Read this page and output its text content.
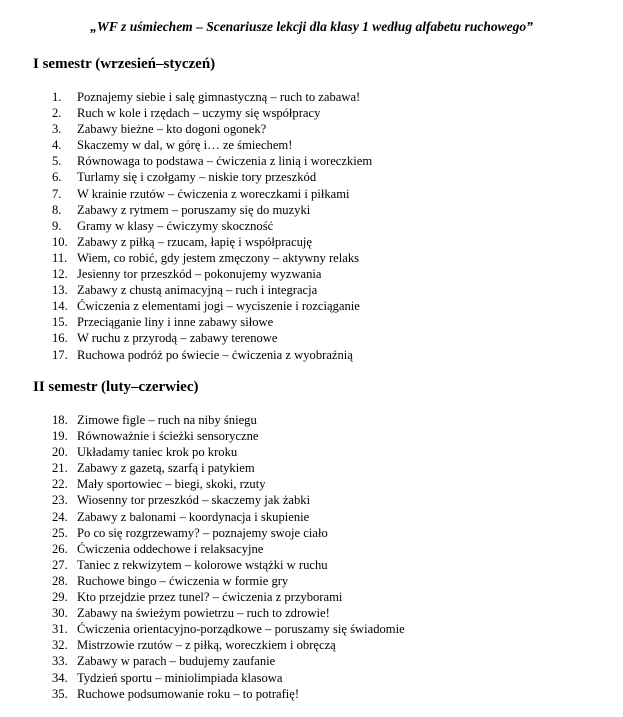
„WF z uśmiechem – Scenariusze lekcji dla klasy 1 według alfabetu ruchowego”

I semestr (wrzesień–styczeń)
1.	Poznajemy siebie i salę gimnastyczną – ruch to zabawa!
2.	Ruch w kole i rzędach – uczymy się współpracy
3.	Zabawy bieżne – kto dogoni ogonek?
4.	Skaczemy w dal, w górę i… ze śmiechem!
5.	Równowaga to podstawa – ćwiczenia z linią i woreczkiem
6.	Turlamy się i czołgamy – niskie tory przeszkód
7.	W krainie rzutów – ćwiczenia z woreczkami i piłkami
8.	Zabawy z rytmem – poruszamy się do muzyki
9.	Gramy w klasy – ćwiczymy skoczność
10. Zabawy z piłką – rzucam, łapię i współpracuję
11. Wiem, co robić, gdy jestem zmęczony – aktywny relaks
12. Jesienny tor przeszkód – pokonujemy wyzwania
13. Zabawy z chustą animacyjną – ruch i integracja
14. Ćwiczenia z elementami jogi – wyciszenie i rozciąganie
15. Przeciąganie liny i inne zabawy siłowe
16. W ruchu z przyrodą – zabawy terenowe
17. Ruchowa podróż po świecie – ćwiczenia z wyobraźnią
II semestr (luty–czerwiec)
18. Zimowe figle – ruch na niby śniegu
19. Równoważnie i ścieżki sensoryczne
20. Układamy taniec krok po kroku
21. Zabawy z gazetą, szarfą i patykiem
22. Mały sportowiec – biegi, skoki, rzuty
23. Wiosenny tor przeszkód – skaczemy jak żabki
24. Zabawy z balonami – koordynacja i skupienie
25. Po co się rozgrzewamy? – poznajemy swoje ciało
26. Ćwiczenia oddechowe i relaksacyjne
27. Taniec z rekwizytem – kolorowe wstążki w ruchu
28. Ruchowe bingo – ćwiczenia w formie gry
29. Kto przejdzie przez tunel? – ćwiczenia z przyborami
30. Zabawy na świeżym powietrzu – ruch to zdrowie!
31. Ćwiczenia orientacyjno-porządkowe – poruszamy się świadomie
32. Mistrzowie rzutów – z piłką, woreczkiem i obręczą
33. Zabawy w parach – budujemy zaufanie
34. Tydzień sportu – miniolimpiada klasowa
35. Ruchowe podsumowanie roku – to potrafię!
